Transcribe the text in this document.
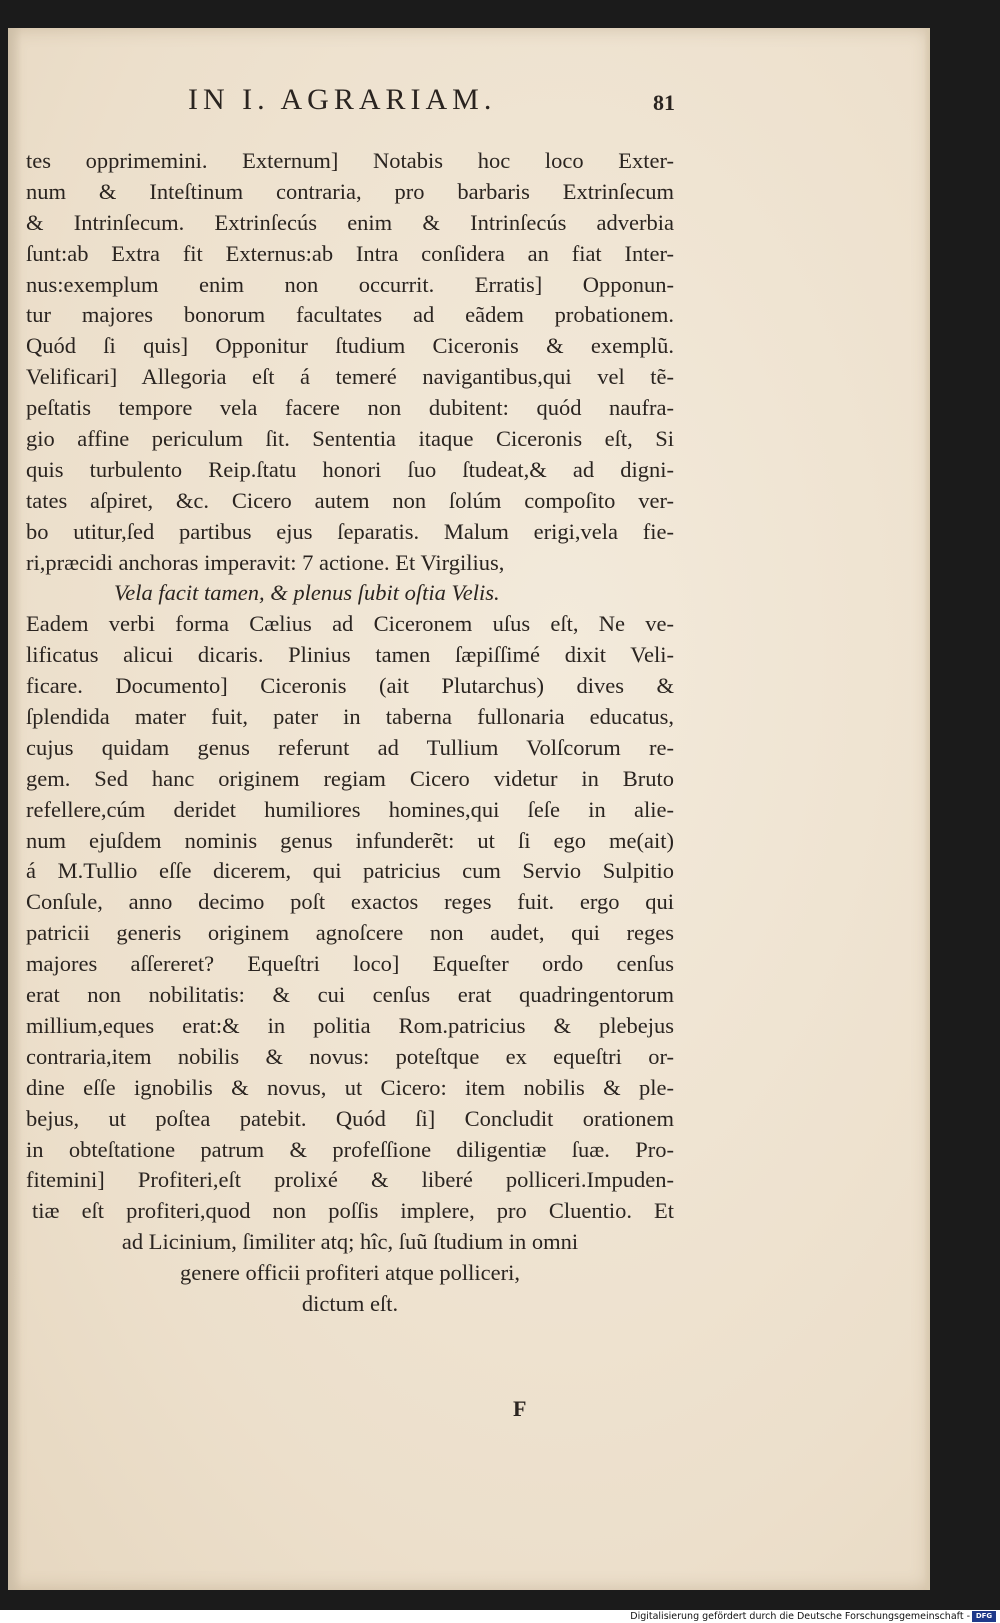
IN I. AGRARIAM.	81
tes opprimemini. Externum] Notabis hoc loco Exter-
num & Inteſtinum contraria, pro barbaris Extrinſecum
& Intrinſecum. Extrinſecús enim & Intrinſecús adverbia
ſunt:ab Extra fit Externus:ab Intra conſidera an fiat Inter-
nus:exemplum enim non occurrit. Erratis] Opponun-
tur majores bonorum facultates ad eãdem probationem.
Quód ſi quis] Opponitur ſtudium Ciceronis & exemplũ.
Velificari] Allegoria eſt á temeré navigantibus,qui vel tẽ-
peſtatis tempore vela facere non dubitent: quód naufra-
gio affine periculum ſit. Sententia itaque Ciceronis eſt, Si
quis turbulento Reip.ſtatu honori ſuo ſtudeat,& ad digni-
tates aſpiret, &c. Cicero autem non ſolúm compoſito ver-
bo utitur,ſed partibus ejus ſeparatis. Malum erigi,vela fie-
ri,præcidi anchoras imperavit: 7 actione. Et Virgilius,
Vela facit tamen, & plenus ſubit oſtia Velis.
Eadem verbi forma Cælius ad Ciceronem uſus eſt, Ne ve-
lificatus alicui dicaris. Plinius tamen ſæpiſſimé dixit Veli-
ficare. Documento] Ciceronis (ait Plutarchus) dives &
ſplendida mater fuit, pater in taberna fullonaria educatus,
cujus quidam genus referunt ad Tullium Volſcorum re-
gem. Sed hanc originem regiam Cicero videtur in Bruto
refellere,cúm deridet humiliores homines,qui ſeſe in alie-
num ejuſdem nominis genus infunderẽt: ut ſi ego me(ait)
á M.Tullio eſſe dicerem, qui patricius cum Servio Sulpitio
Conſule, anno decimo poſt exactos reges fuit. ergo qui
patricii generis originem agnoſcere non audet, qui reges
majores aſſereret? Equeſtri loco] Equeſter ordo cenſus
erat non nobilitatis: & cui cenſus erat quadringentorum
millium,eques erat:& in politia Rom.patricius & plebejus
contraria,item nobilis & novus: poteſtque ex equeſtri or-
dine eſſe ignobilis & novus, ut Cicero: item nobilis & ple-
bejus, ut poſtea patebit. Quód ſi] Concludit orationem
in obteſtatione patrum & profeſſione diligentiæ ſuæ. Pro-
fitemini] Profiteri,eſt prolixé & liberé polliceri.Impuden-
tiæ eſt profiteri,quod non poſſis implere, pro Cluentio. Et
ad Licinium, ſimiliter atq; hîc, ſuũ ſtudium in omni
genere officii profiteri atque polliceri,
dictum eſt.
F
Digitalisierung gefördert durch die Deutsche Forschungsgemeinschaft - DFG
